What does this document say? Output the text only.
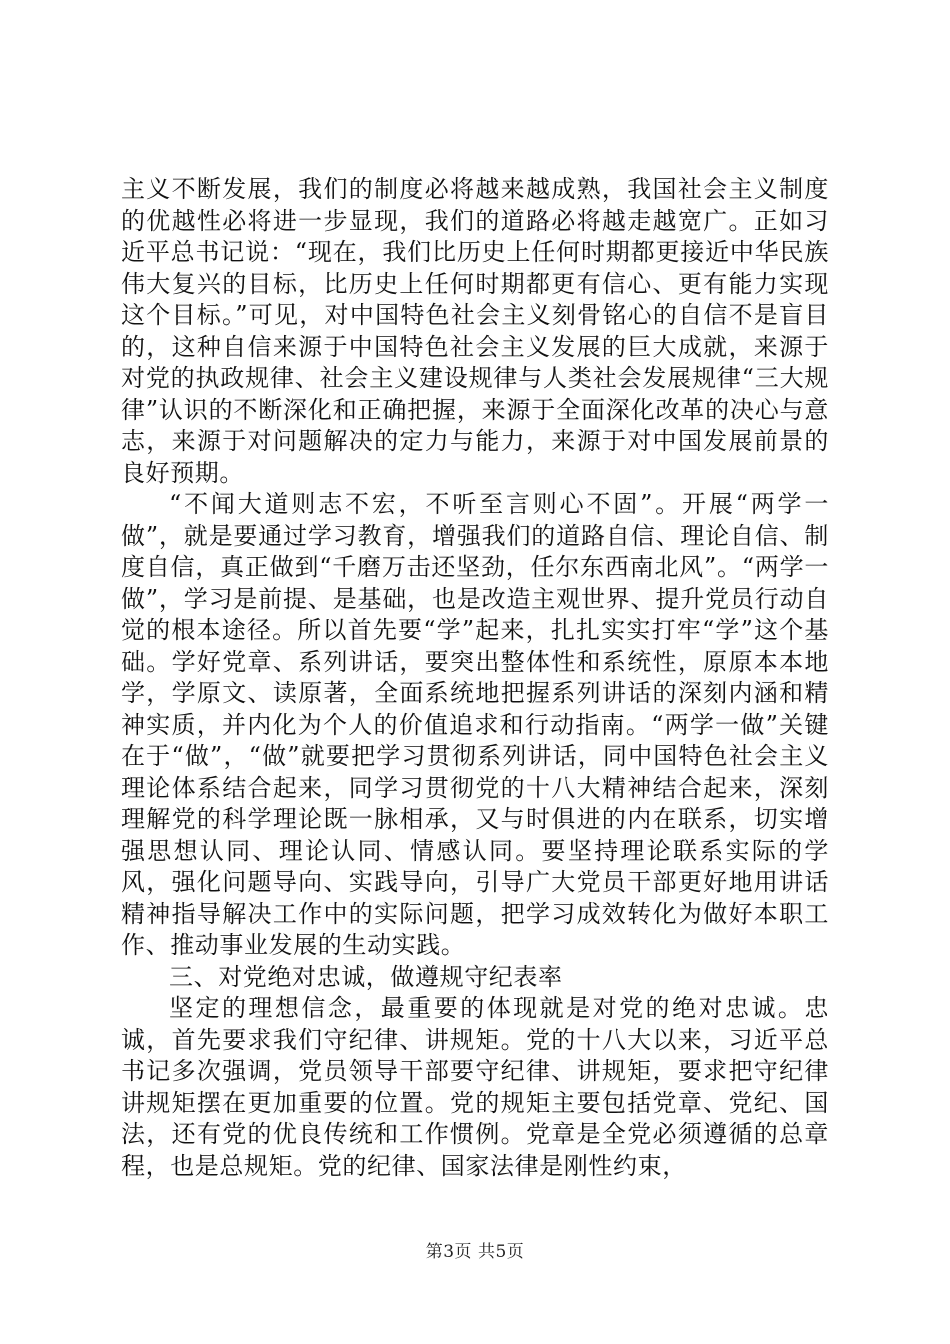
主义不断发展，我们的制度必将越来越成熟，我国社会主义制度的优越性必将进一步显现，我们的道路必将越走越宽广。正如习近平总书记说：“现在，我们比历史上任何时期都更接近中华民族伟大复兴的目标，比历史上任何时期都更有信心、更有能力实现这个目标。”可见，对中国特色社会主义刻骨铭心的自信不是盲目的，这种自信来源于中国特色社会主义发展的巨大成就，来源于对党的执政规律、社会主义建设规律与人类社会发展规律“三大规律”认识的不断深化和正确把握，来源于全面深化改革的决心与意志，来源于对问题解决的定力与能力，来源于对中国发展前景的良好预期。

“不闻大道则志不宏，不听至言则心不固”。开展“两学一做”，就是要通过学习教育，增强我们的道路自信、理论自信、制度自信，真正做到“千磨万击还坚劲，任尔东西南北风”。“两学一做”，学习是前提、是基础，也是改造主观世界、提升党员行动自觉的根本途径。所以首先要“学”起来，扎扎实实打牢“学”这个基础。学好党章、系列讲话，要突出整体性和系统性，原原本本地学，学原文、读原著，全面系统地把握系列讲话的深刻内涵和精神实质，并内化为个人的价值追求和行动指南。“两学一做”关键在于“做”，“做”就要把学习贯彻系列讲话，同中国特色社会主义理论体系结合起来，同学习贯彻党的十八大精神结合起来，深刻理解党的科学理论既一脉相承，又与时俱进的内在联系，切实增强思想认同、理论认同、情感认同。要坚持理论联系实际的学风，强化问题导向、实践导向，引导广大党员干部更好地用讲话精神指导解决工作中的实际问题，把学习成效转化为做好本职工作、推动事业发展的生动实践。

三、对党绝对忠诚，做遵规守纪表率

坚定的理想信念，最重要的体现就是对党的绝对忠诚。忠诚，首先要求我们守纪律、讲规矩。党的十八大以来，习近平总书记多次强调，党员领导干部要守纪律、讲规矩，要求把守纪律讲规矩摆在更加重要的位置。党的规矩主要包括党章、党纪、国法，还有党的优良传统和工作惯例。党章是全党必须遵循的总章程，也是总规矩。党的纪律、国家法律是刚性约束，

第3页 共5页
